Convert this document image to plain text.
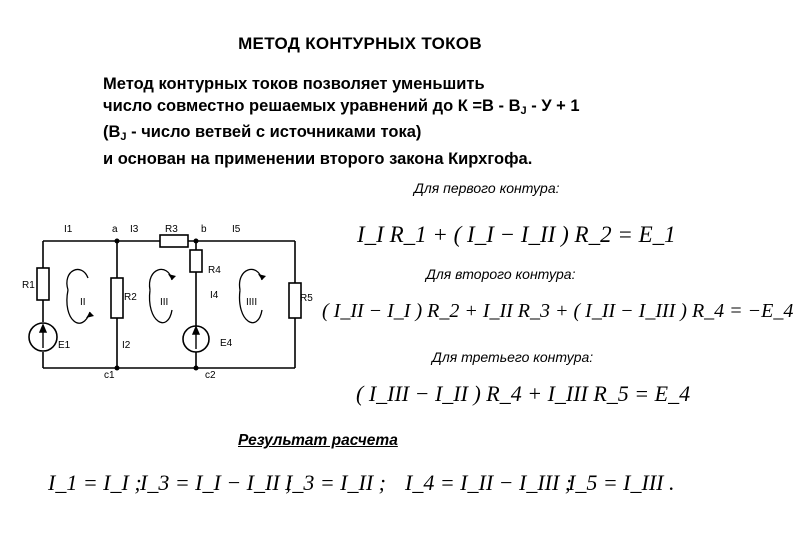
МЕТОД КОНТУРНЫХ ТОКОВ
Метод контурных токов позволяет уменьшить
число совместно решаемых уравнений до $К =В - В_J - У + 1$
($В_J$ - число ветвей с источниками тока)
и основан на применении второго закона Кирхгофа.
I1	a I3	R3 b	I5
R4
R1
R2	I4	R5
II	III	IIII
E1	I2	E4
c1	c2
Для первого контура:
I_I R_1 + ( I_I − I_II ) R_2 = E_1
Для второго контура:
( I_II − I_I ) R_2 + I_II R_3 + ( I_II − I_III ) R_4 = −E_4
Для третьего контура:
( I_III − I_II ) R_4 + I_III R_5 = E_4
Результат расчета
I_1 = I_I ;
I_3 = I_I − I_II ;
I_3 = I_II ; I_4 = I_II − I_III ;
I_5 = I_III .
